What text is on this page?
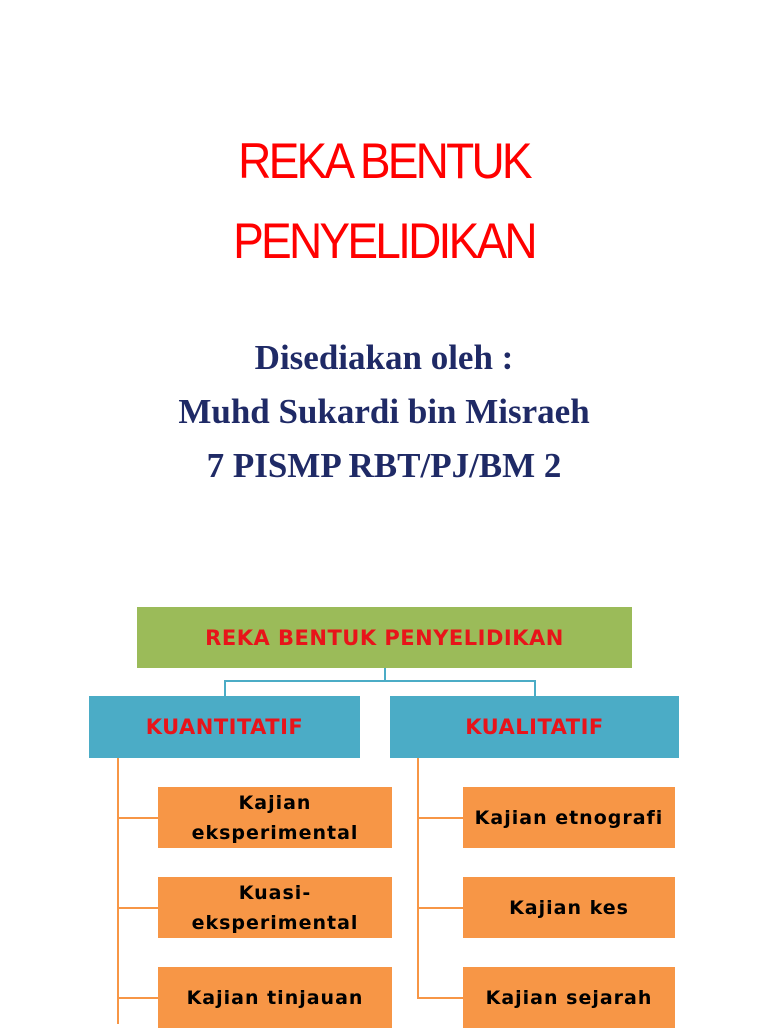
REKA BENTUK
PENYELIDIKAN
Disediakan oleh :
Muhd Sukardi bin Misraeh
7 PISMP RBT/PJ/BM 2
REKA BENTUK PENYELIDIKAN
KUANTITATIF	KUALITATIF
Kajian eksperimental
Kuasi-eksperimental
Kajian tinjauan
Kajian etnografi
Kajian kes
Kajian sejarah
